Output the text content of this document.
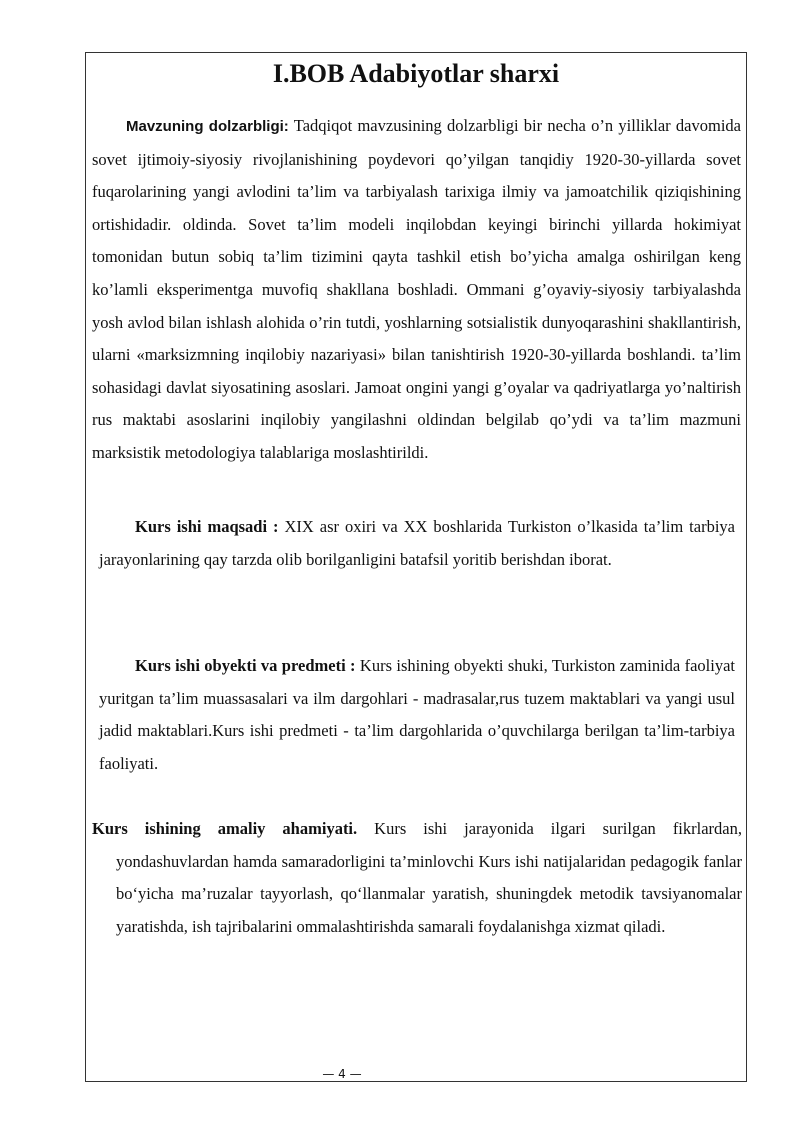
I.BOB Adabiyotlar sharxi

Mavzuning dolzarbligi: Tadqiqot mavzusining dolzarbligi bir necha o’n yilliklar davomida sovet ijtimoiy-siyosiy rivojlanishining poydevori qo’yilgan tanqidiy 1920-30-yillarda sovet fuqarolarining yangi avlodini ta’lim va tarbiyalash tarixiga ilmiy va jamoatchilik qiziqishining ortishidadir. oldinda. Sovet ta’lim modeli inqilobdan keyingi birinchi yillarda hokimiyat tomonidan butun sobiq ta’lim tizimini qayta tashkil etish bo’yicha amalga oshirilgan keng ko’lamli eksperimentga muvofiq shakllana boshladi. Ommani g’oyaviy-siyosiy tarbiyalashda yosh avlod bilan ishlash alohida o’rin tutdi, yoshlarning sotsialistik dunyoqarashini shakllantirish, ularni «marksizmning inqilobiy nazariyasi» bilan tanishtirish 1920-30-yillarda boshlandi. ta’lim sohasidagi davlat siyosatining asoslari. Jamoat ongini yangi g’oyalar va qadriyatlarga yo’naltirish rus maktabi asoslarini inqilobiy yangilashni oldindan belgilab qo’ydi va ta’lim mazmuni marksistik metodologiya talablariga moslashtirildi.

Kurs ishi maqsadi : XIX asr oxiri va XX boshlarida Turkiston o’lkasida ta’lim tarbiya jarayonlarining qay tarzda olib borilganligini batafsil yoritib berishdan iborat.

Kurs ishi obyekti va predmeti : Kurs ishining obyekti shuki, Turkiston zaminida faoliyat yuritgan ta’lim muassasalari va ilm dargohlari - madrasalar,rus tuzem maktablari va yangi usul jadid maktablari.Kurs ishi predmeti - ta’lim dargohlarida o’quvchilarga berilgan ta’lim-tarbiya faoliyati.

Kurs ishining amaliy ahamiyati. Kurs ishi jarayonida ilgari surilgan fikrlardan, yondashuvlardan hamda samaradorligini ta’minlovchi Kurs ishi natijalaridan pedagogik fanlar bo‘yicha ma’ruzalar tayyorlash, qo‘llanmalar yaratish, shuningdek metodik tavsiyanomalar yaratishda, ish tajribalarini ommalashtirishda samarali foydalanishga xizmat qiladi.

— 4 —
